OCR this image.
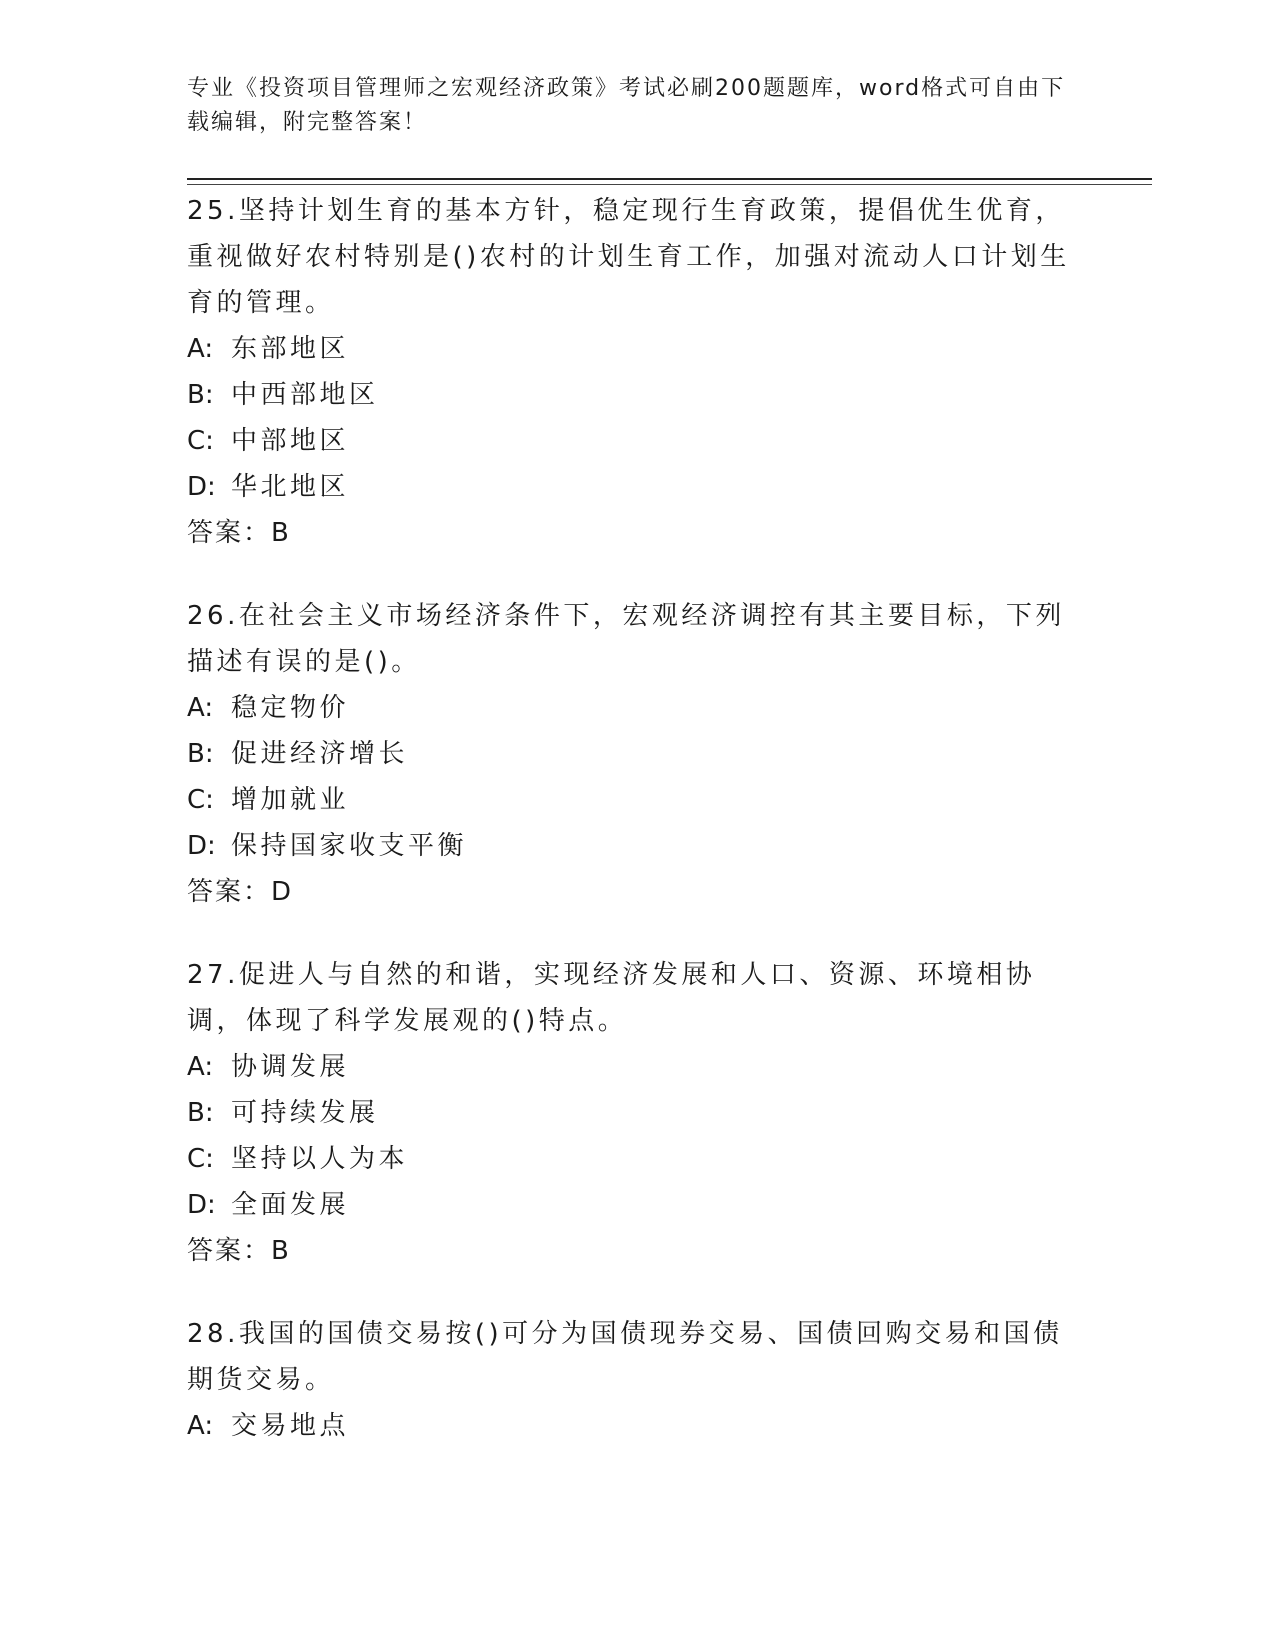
专业《投资项目管理师之宏观经济政策》考试必刷200题题库，word格式可自由下载编辑，附完整答案！

25.坚持计划生育的基本方针，稳定现行生育政策，提倡优生优育，重视做好农村特别是()农村的计划生育工作，加强对流动人口计划生育的管理。

A: 东部地区

B: 中西部地区

C: 中部地区

D: 华北地区

答案：B

26.在社会主义市场经济条件下，宏观经济调控有其主要目标，下列描述有误的是()。

A: 稳定物价

B: 促进经济增长

C: 增加就业

D: 保持国家收支平衡

答案：D

27.促进人与自然的和谐，实现经济发展和人口、资源、环境相协调，体现了科学发展观的()特点。

A: 协调发展

B: 可持续发展

C: 坚持以人为本

D: 全面发展

答案：B

28.我国的国债交易按()可分为国债现券交易、国债回购交易和国债期货交易。

A: 交易地点
